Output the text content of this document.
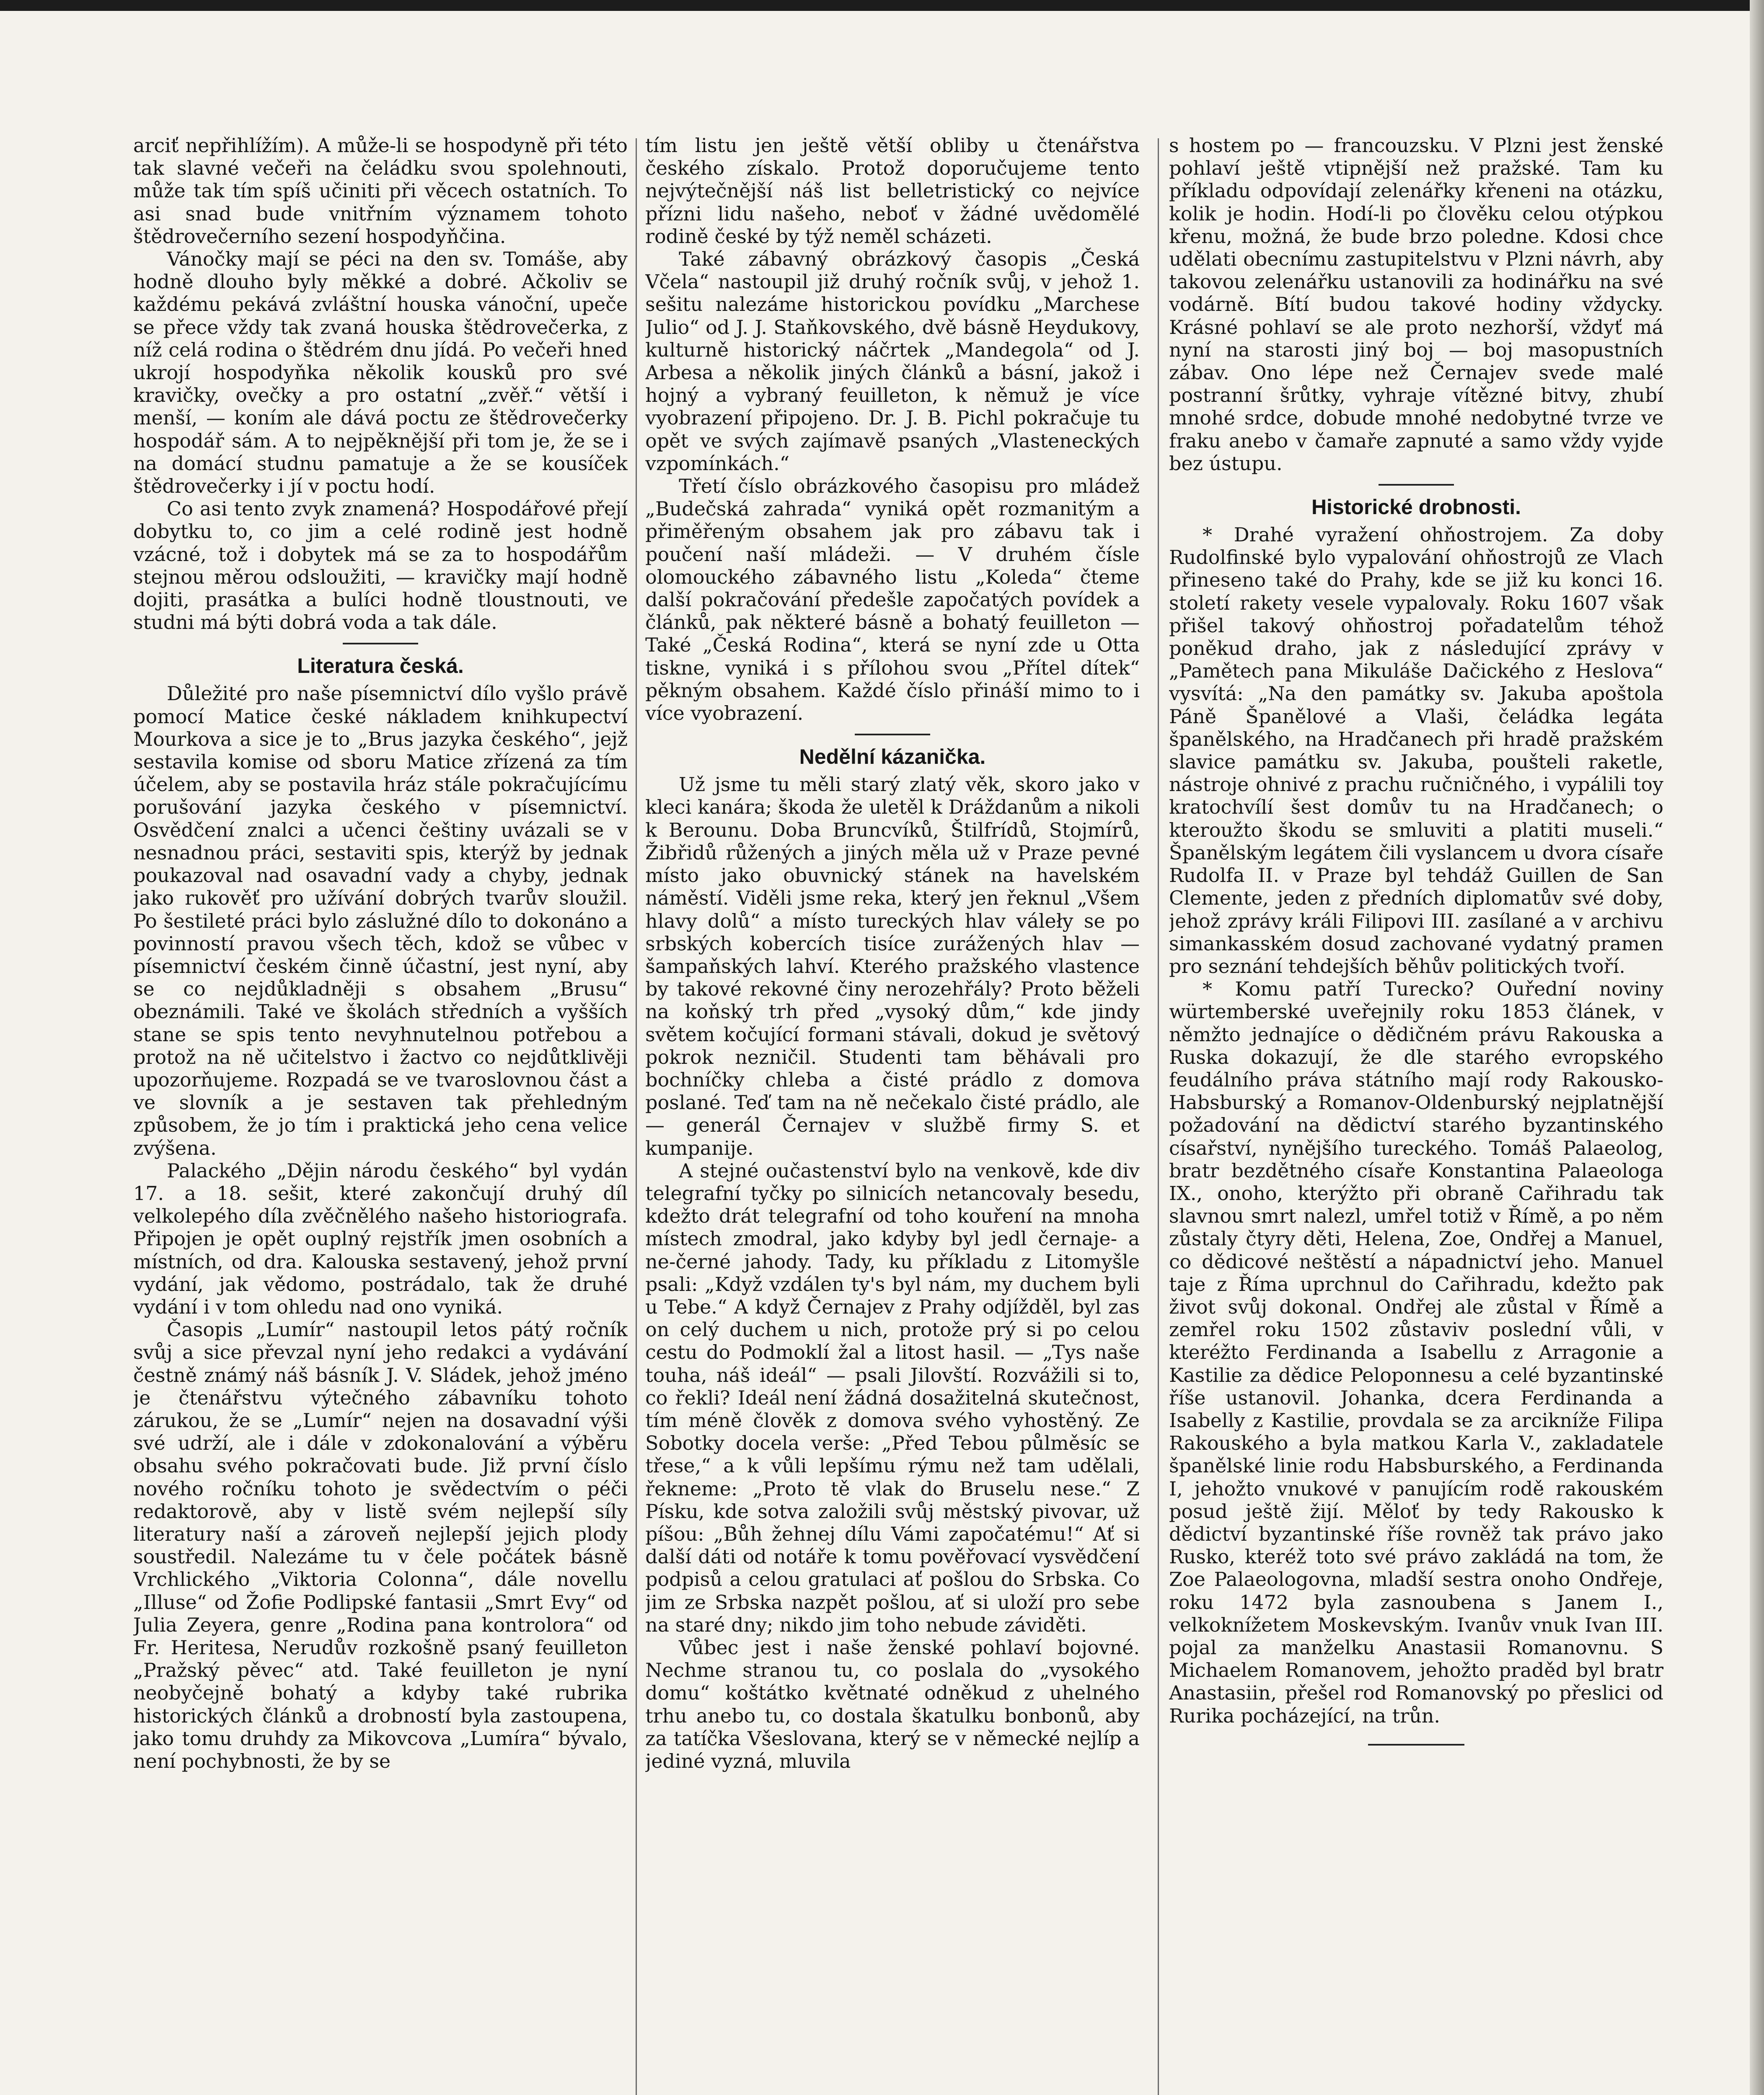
arciť nepřihlížím). A může-li se hospodyně při této tak slavné večeři na čeládku svou spolehnouti, může tak tím spíš učiniti při věcech ostatních. To asi snad bude vnitřním významem tohoto štědrovečerního sezení hospodyňčina.

Vánočky mají se péci na den sv. Tomáše, aby hodně dlouho byly měkké a dobré. Ačkoliv se každému pekává zvláštní houska vánoční, upeče se přece vždy tak zvaná houska štědrovečerka, z níž celá rodina o štědrém dnu jídá. Po večeři hned ukrojí hospodyňka několik kousků pro své kravičky, ovečky a pro ostatní „zvěř.“ větší i menší, — koním ale dává poctu ze štědrovečerky hospodář sám. A to nejpěknější při tom je, že se i na domácí studnu pamatuje a že se kousíček štědrovečerky i jí v poctu hodí.

Co asi tento zvyk znamená? Hospodářové přejí dobytku to, co jim a celé rodině jest hodně vzácné, tož i dobytek má se za to hospodářům stejnou měrou odsloužiti, — kravičky mají hodně dojiti, prasátka a bulíci hodně tloustnouti, ve studni má býti dobrá voda a tak dále.

Literatura česká.

Důležité pro naše písemnictví dílo vyšlo právě pomocí Matice české nákladem knihkupectví Mourkova a sice je to „Brus jazyka českého“, jejž sestavila komise od sboru Matice zřízená za tím účelem, aby se postavila hráz stále pokračujícímu porušování jazyka českého v písemnictví. Osvědčení znalci a učenci češtiny uvázali se v nesnadnou práci, sestaviti spis, kterýž by jednak poukazoval nad osavadní vady a chyby, jednak jako rukověť pro užívání dobrých tvarův sloužil. Po šestileté práci bylo záslužné dílo to dokonáno a povinností pravou všech těch, kdož se vůbec v písemnictví českém činně účastní, jest nyní, aby se co nejdůkladněji s obsahem „Brusu“ obeznámili. Také ve školách středních a vyšších stane se spis tento nevyhnutelnou potřebou a protož na ně učitelstvo i žactvo co nejdůtklivěji upozorňujeme. Rozpadá se ve tvaroslovnou část a ve slovník a je sestaven tak přehledným způsobem, že jo tím i praktická jeho cena velice zvýšena.

Palackého „Dějin národu českého“ byl vydán 17. a 18. sešit, které zakončují druhý díl velkolepého díla zvěčnělého našeho historiografa. Připojen je opět ouplný rejstřík jmen osobních a místních, od dra. Kalouska sestavený, jehož první vydání, jak vědomo, postrádalo, tak že druhé vydání i v tom ohledu nad ono vyniká.

Časopis „Lumír“ nastoupil letos pátý ročník svůj a sice převzal nyní jeho redakci a vydávání čestně známý náš básník J. V. Sládek, jehož jméno je čtenářstvu výtečného zábavníku tohoto zárukou, že se „Lumír“ nejen na dosavadní výši své udrží, ale i dále v zdokonalování a výběru obsahu svého pokračovati bude. Již první číslo nového ročníku tohoto je svědectvím o péči redaktorově, aby v listě svém nejlepší síly literatury naší a zároveň nejlepší jejich plody soustředil. Nalezáme tu v čele počátek básně Vrchlického „Viktoria Colonna“, dále novellu „Illuse“ od Žofie Podlipské fantasii „Smrt Evy“ od Julia Zeyera, genre „Rodina pana kontrolora“ od Fr. Heritesa, Nerudův rozkošně psaný feuilleton „Pražský pěvec“ atd. Také feuilleton je nyní neobyčejně bohatý a kdyby také rubrika historických článků a drobností byla zastoupena, jako tomu druhdy za Mikovcova „Lumíra“ bývalo, není pochybnosti, že by se

tím listu jen ještě větší obliby u čtenářstva českého získalo. Protož doporučujeme tento nejvýtečnější náš list belletristický co nejvíce přízni lidu našeho, neboť v žádné uvědomělé rodině české by týž neměl scházeti.

Také zábavný obrázkový časopis „Česká Včela“ nastoupil již druhý ročník svůj, v jehož 1. sešitu nalezáme historickou povídku „Marchese Julio“ od J. J. Staňkovského, dvě básně Heydukovy, kulturně historický náčrtek „Mandegola“ od J. Arbesa a několik jiných článků a básní, jakož i hojný a vybraný feuilleton, k němuž je více vyobrazení připojeno. Dr. J. B. Pichl pokračuje tu opět ve svých zajímavě psaných „Vlasteneckých vzpomínkách.“

Třetí číslo obrázkového časopisu pro mládež „Budečská zahrada“ vyniká opět rozmanitým a přiměřeným obsahem jak pro zábavu tak i poučení naší mládeži. — V druhém čísle olomouckého zábavného listu „Koleda“ čteme další pokračování předešle započatých povídek a článků, pak některé básně a bohatý feuilleton — Také „Česká Rodina“, která se nyní zde u Otta tiskne, vyniká i s přílohou svou „Přítel dítek“ pěkným obsahem. Každé číslo přináší mimo to i více vyobrazení.

Nedělní kázanička.

Už jsme tu měli starý zlatý věk, skoro jako v kleci kanára; škoda že uletěl k Dráždanům a nikoli k Berounu. Doba Bruncvíků, Štilfrídů, Stojmírů, Žibřidů růžených a jiných měla už v Praze pevné místo jako obuvnický stánek na havelském náměstí. Viděli jsme reka, který jen řeknul „Všem hlavy dolů“ a místo tureckých hlav váleły se po srbských kobercích tisíce zurážených hlav — šampaňských lahví. Kterého pražského vlastence by takové rekovné činy nerozehřály? Proto běželi na koňský trh před „vysoký dům,“ kde jindy světem kočující formani stávali, dokud je světový pokrok nezničil. Studenti tam běhávali pro bochníčky chleba a čisté prádlo z domova poslané. Teď tam na ně nečekalo čisté prádlo, ale — generál Černajev v službě firmy S. et kumpanije.

A stejné oučastenství bylo na venkově, kde div telegrafní tyčky po silnicích netancovaly besedu, kdežto drát telegrafní od toho kouření na mnoha místech zmodral, jako kdyby byl jedl černaje- a ne-černé jahody. Tady, ku příkladu z Litomyšle psali: „Když vzdálen ty's byl nám, my duchem byli u Tebe.“ A když Černajev z Prahy odjížděl, byl zas on celý duchem u nich, protože prý si po celou cestu do Podmoklí žal a litost hasil. — „Tys naše touha, náš ideál“ — psali Jilovští. Rozvážili si to, co řekli? Ideál není žádná dosažitelná skutečnost, tím méně člověk z domova svého vyhostěný. Ze Sobotky docela verše: „Před Tebou půlměsíc se třese,“ a k vůli lepšímu rýmu než tam udělali, řekneme: „Proto tě vlak do Bruselu nese.“ Z Písku, kde sotva založili svůj městský pivovar, už píšou: „Bůh žehnej dílu Vámi započatému!“ Ať si další dáti od notáře k tomu pověřovací vysvědčení podpisů a celou gratulaci ať pošlou do Srbska. Co jim ze Srbska nazpět pošlou, ať si uloží pro sebe na staré dny; nikdo jim toho nebude záviděti.

Vůbec jest i naše ženské pohlaví bojovné. Nechme stranou tu, co poslala do „vysokého domu“ koštátko květnaté odněkud z uhelného trhu anebo tu, co dostala škatulku bonbonů, aby za tatíčka Všeslovana, který se v německé nejlíp a jediné vyzná, mluvila

s hostem po — francouzsku. V Plzni jest ženské pohlaví ještě vtipnější než pražské. Tam ku příkladu odpovídají zelenářky křeneni na otázku, kolik je hodin. Hodí-li po člověku celou otýpkou křenu, možná, že bude brzo poledne. Kdosi chce udělati obecnímu zastupitelstvu v Plzni návrh, aby takovou zelenářku ustanovili za hodinářku na své vodárně. Bítí budou takové hodiny vždycky. Krásné pohlaví se ale proto nezhorší, vždyť má nyní na starosti jiný boj — boj masopustních zábav. Ono lépe než Černajev svede malé postranní šrůtky, vyhraje vítězné bitvy, zhubí mnohé srdce, dobude mnohé nedobytné tvrze ve fraku anebo v čamaře zapnuté a samo vždy vyjde bez ústupu.

Historické drobnosti.

* Drahé vyražení ohňostrojem. Za doby Rudolfinské bylo vypalování ohňostrojů ze Vlach přineseno také do Prahy, kde se již ku konci 16. století rakety vesele vypalovaly. Roku 1607 však přišel takový ohňostroj pořadatelům téhož poněkud draho, jak z následující zprávy v „Pamětech pana Mikuláše Dačického z Heslova“ vysvítá: „Na den památky sv. Jakuba apoštola Páně Španělové a Vlaši, čeládka legáta španělského, na Hradčanech při hradě pražském slavice památku sv. Jakuba, poušteli raketle, nástroje ohnivé z prachu ručničného, i vypálili toy kratochvílí šest domův tu na Hradčanech; o kteroužto škodu se smluviti a platiti museli.“ Španělským legátem čili vyslancem u dvora císaře Rudolfa II. v Praze byl tehdáž Guillen de San Clemente, jeden z předních diplomatův své doby, jehož zprávy králi Filipovi III. zasílané a v archivu simankasském dosud zachované vydatný pramen pro seznání tehdejších běhův politických tvoří.

* Komu patří Turecko? Ouřední noviny würtemberské uveřejnily roku 1853 článek, v němžto jednajíce o dědičném právu Rakouska a Ruska dokazují, že dle starého evropského feudálního práva státního mají rody Rakousko-Habsburský a Romanov-Oldenburský nejplatnější požadování na dědictví starého byzantinského císařství, nynějšího tureckého. Tomáš Palaeolog, bratr bezdětného císaře Konstantina Palaeologa IX., onoho, kterýžto při obraně Cařihradu tak slavnou smrt nalezl, umřel totiž v Římě, a po něm zůstaly čtyry děti, Helena, Zoe, Ondřej a Manuel, co dědicové neštěstí a nápadnictví jeho. Manuel taje z Říma uprchnul do Cařihradu, kdežto pak život svůj dokonal. Ondřej ale zůstal v Římě a zemřel roku 1502 zůstaviv poslední vůli, v kteréžto Ferdinanda a Isabellu z Arragonie a Kastilie za dědice Peloponnesu a celé byzantinské říše ustanovil. Johanka, dcera Ferdinanda a Isabelly z Kastilie, provdala se za arcikníže Filipa Rakouského a byla matkou Karla V., zakladatele španělské linie rodu Habsburského, a Ferdinanda I, jehožto vnukové v panujícím rodě rakouském posud ještě žijí. Měloť by tedy Rakousko k dědictví byzantinské říše rovněž tak právo jako Rusko, kteréž toto své právo zakládá na tom, že Zoe Palaeologovna, mladší sestra onoho Ondřeje, roku 1472 byla zasnoubena s Janem I., velkoknížetem Moskevským. Ivanův vnuk Ivan III. pojal za manželku Anastasii Romanovnu. S Michaelem Romanovem, jehožto praděd byl bratr Anastasiin, přešel rod Romanovský po přeslici od Rurika pocházející, na trůn.
